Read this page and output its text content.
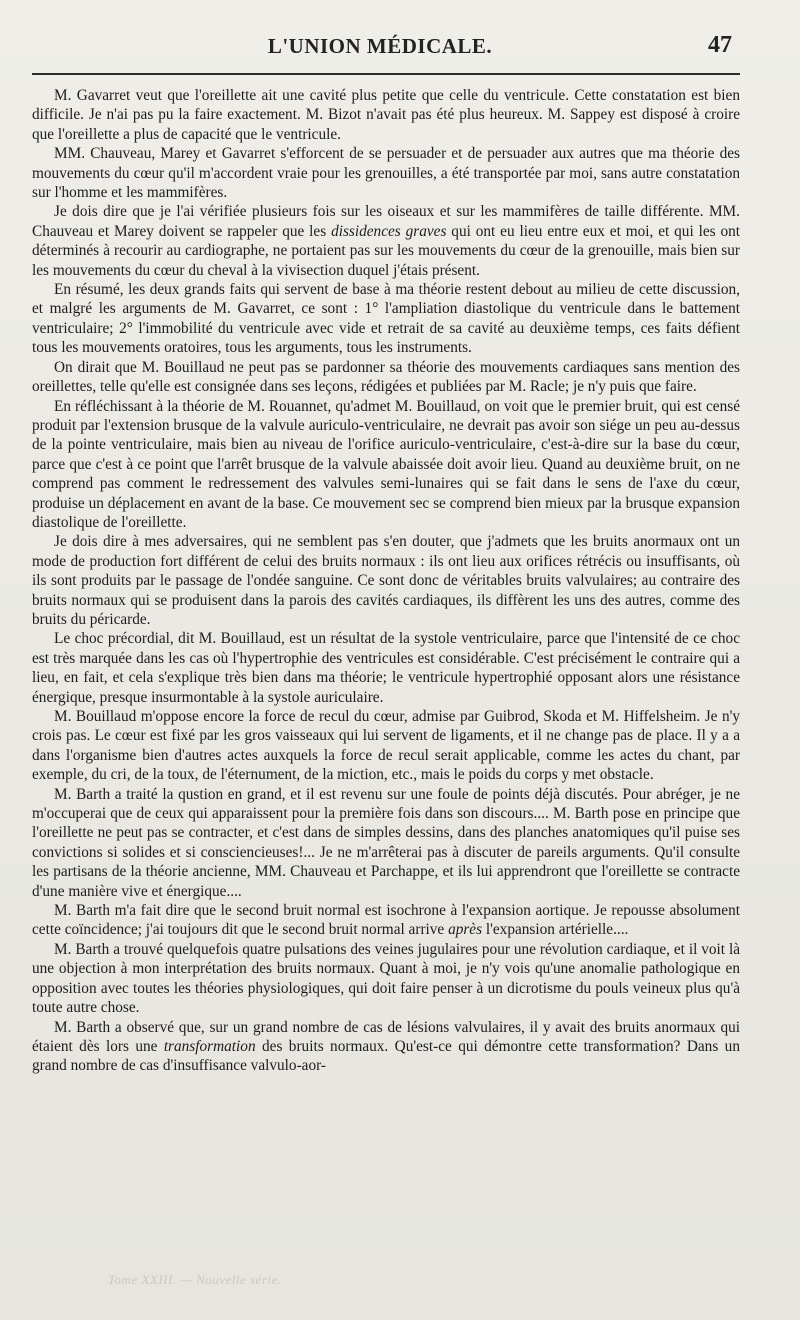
L'UNION MÉDICALE.	47

M. Gavarret veut que l'oreillette ait une cavité plus petite que celle du ventricule. Cette constatation est bien difficile. Je n'ai pas pu la faire exactement. M. Bizot n'avait pas été plus heureux. M. Sappey est disposé à croire que l'oreillette a plus de capacité que le ventricule.

MM. Chauveau, Marey et Gavarret s'efforcent de se persuader et de persuader aux autres que ma théorie des mouvements du cœur qu'il m'accordent vraie pour les grenouilles, a été transportée par moi, sans autre constatation sur l'homme et les mammifères.

Je dois dire que je l'ai vérifiée plusieurs fois sur les oiseaux et sur les mammifères de taille différente. MM. Chauveau et Marey doivent se rappeler que les dissidences graves qui ont eu lieu entre eux et moi, et qui les ont déterminés à recourir au cardiographe, ne portaient pas sur les mouvements du cœur de la grenouille, mais bien sur les mouvements du cœur du cheval à la vivisection duquel j'étais présent.

En résumé, les deux grands faits qui servent de base à ma théorie restent debout au milieu de cette discussion, et malgré les arguments de M. Gavarret, ce sont : 1° l'ampliation diastolique du ventricule dans le battement ventriculaire; 2° l'immobilité du ventricule avec vide et retrait de sa cavité au deuxième temps, ces faits défient tous les mouvements oratoires, tous les arguments, tous les instruments.

On dirait que M. Bouillaud ne peut pas se pardonner sa théorie des mouvements cardiaques sans mention des oreillettes, telle qu'elle est consignée dans ses leçons, rédigées et publiées par M. Racle; je n'y puis que faire.

En réfléchissant à la théorie de M. Rouannet, qu'admet M. Bouillaud, on voit que le premier bruit, qui est censé produit par l'extension brusque de la valvule auriculo-ventriculaire, ne devrait pas avoir son siége un peu au-dessus de la pointe ventriculaire, mais bien au niveau de l'orifice auriculo-ventriculaire, c'est-à-dire sur la base du cœur, parce que c'est à ce point que l'arrêt brusque de la valvule abaissée doit avoir lieu. Quand au deuxième bruit, on ne comprend pas comment le redressement des valvules semi-lunaires qui se fait dans le sens de l'axe du cœur, produise un déplacement en avant de la base. Ce mouvement sec se comprend bien mieux par la brusque expansion diastolique de l'oreillette.

Je dois dire à mes adversaires, qui ne semblent pas s'en douter, que j'admets que les bruits anormaux ont un mode de production fort différent de celui des bruits normaux : ils ont lieu aux orifices rétrécis ou insuffisants, où ils sont produits par le passage de l'ondée sanguine. Ce sont donc de véritables bruits valvulaires; au contraire des bruits normaux qui se produisent dans la parois des cavités cardiaques, ils diffèrent les uns des autres, comme des bruits du péricarde.

Le choc précordial, dit M. Bouillaud, est un résultat de la systole ventriculaire, parce que l'intensité de ce choc est très marquée dans les cas où l'hypertrophie des ventricules est considérable. C'est précisément le contraire qui a lieu, en fait, et cela s'explique très bien dans ma théorie; le ventricule hypertrophié opposant alors une résistance énergique, presque insurmontable à la systole auriculaire.

M. Bouillaud m'oppose encore la force de recul du cœur, admise par Guibrod, Skoda et M. Hiffelsheim. Je n'y crois pas. Le cœur est fixé par les gros vaisseaux qui lui servent de ligaments, et il ne change pas de place. Il y a a dans l'organisme bien d'autres actes auxquels la force de recul serait applicable, comme les actes du chant, par exemple, du cri, de la toux, de l'éternument, de la miction, etc., mais le poids du corps y met obstacle.

M. Barth a traité la qustion en grand, et il est revenu sur une foule de points déjà discutés. Pour abréger, je ne m'occuperai que de ceux qui apparaissent pour la première fois dans son discours.... M. Barth pose en principe que l'oreillette ne peut pas se contracter, et c'est dans de simples dessins, dans des planches anatomiques qu'il puise ses convictions si solides et si consciencieuses!... Je ne m'arrêterai pas à discuter de pareils arguments. Qu'il consulte les partisans de la théorie ancienne, MM. Chauveau et Parchappe, et ils lui apprendront que l'oreillette se contracte d'une manière vive et énergique....

M. Barth m'a fait dire que le second bruit normal est isochrone à l'expansion aortique. Je repousse absolument cette coïncidence; j'ai toujours dit que le second bruit normal arrive après l'expansion artérielle....

M. Barth a trouvé quelquefois quatre pulsations des veines jugulaires pour une révolution cardiaque, et il voit là une objection à mon interprétation des bruits normaux. Quant à moi, je n'y vois qu'une anomalie pathologique en opposition avec toutes les théories physiologiques, qui doit faire penser à un dicrotisme du pouls veineux plus qu'à toute autre chose.

M. Barth a observé que, sur un grand nombre de cas de lésions valvulaires, il y avait des bruits anormaux qui étaient dès lors une transformation des bruits normaux. Qu'est-ce qui démontre cette transformation? Dans un grand nombre de cas d'insuffisance valvulo-aor-

Tome XXIII. — Nouvelle série.
